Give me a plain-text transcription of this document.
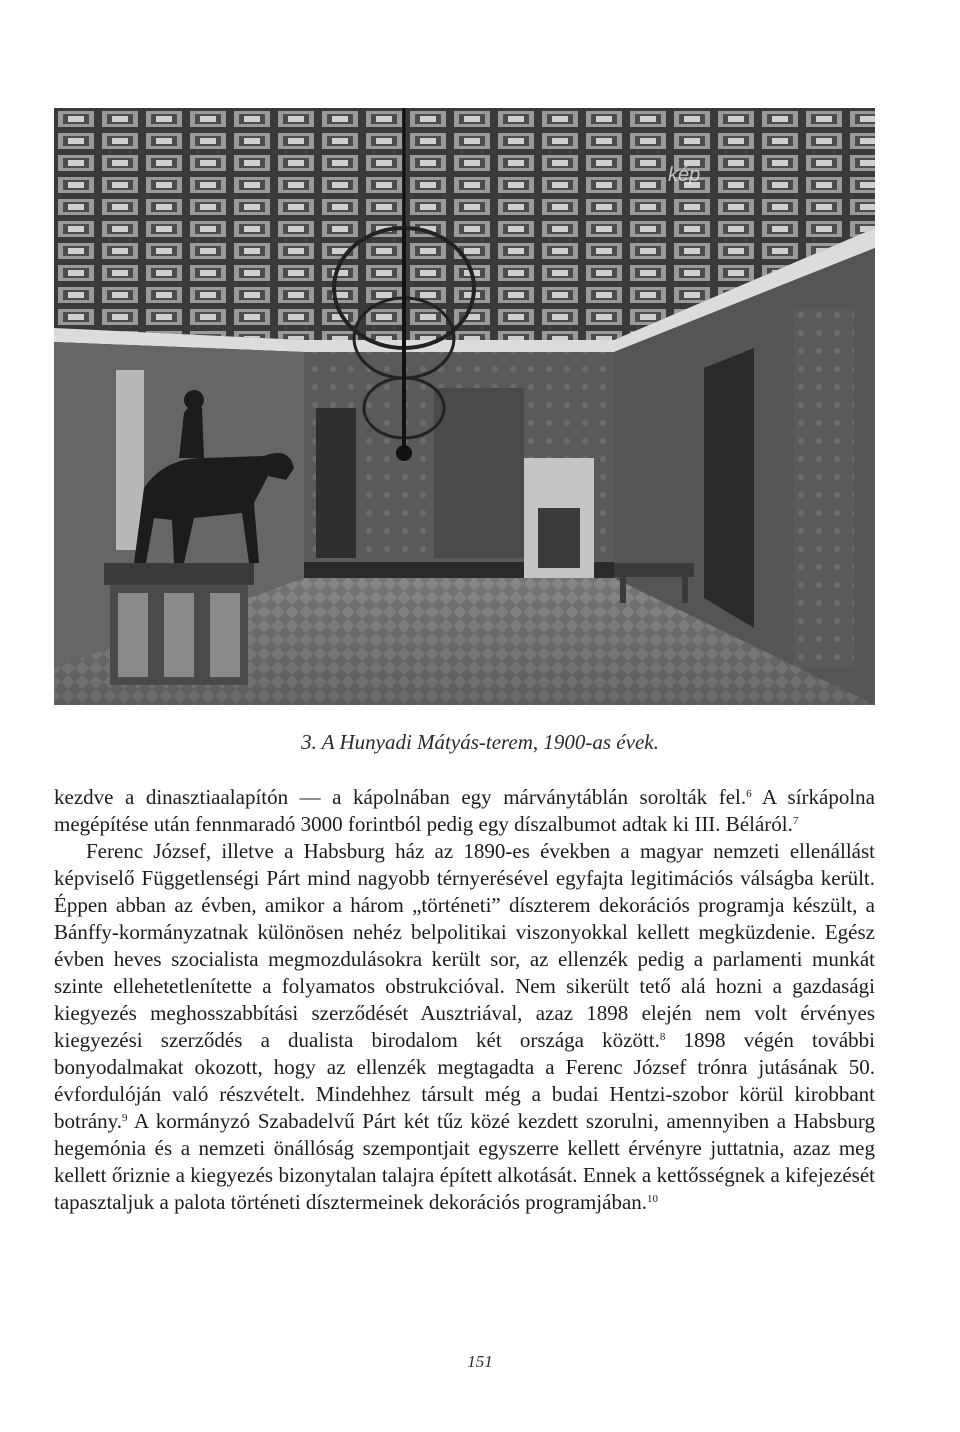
kép
3. A Hunyadi Mátyás-terem, 1900-as évek.

kezdve a dinasztiaalapítón — a kápolnában egy márványtáblán sorolták fel.$^6$ A sírkápolna megépítése után fennmaradó 3000 forintból pedig egy díszalbumot adtak ki III. Béláról.$^7$

Ferenc József, illetve a Habsburg ház az 1890-es években a magyar nemzeti ellenállást képviselő Függetlenségi Párt mind nagyobb térnyerésével egyfajta legitimációs válságba került. Éppen abban az évben, amikor a három „történeti” díszterem dekorációs programja készült, a Bánffy-kormányzatnak különösen nehéz belpolitikai viszonyokkal kellett megküzdenie. Egész évben heves szocialista megmozdulásokra került sor, az ellenzék pedig a parlamenti munkát szinte ellehetetlenítette a folyamatos obstrukcióval. Nem sikerült tető alá hozni a gazdasági kiegyezés meghosszabbítási szerződését Ausztriával, azaz 1898 elején nem volt érvényes kiegyezési szerződés a dualista birodalom két országa között.$^8$ 1898 végén további bonyodalmakat okozott, hogy az ellenzék megtagadta a Ferenc József trónra jutásának 50. évfordulóján való részvételt. Mindehhez társult még a budai Hentzi-szobor körül kirobbant botrány.$^9$ A kormányzó Szabadelvű Párt két tűz közé kezdett szorulni, amennyiben a Habsburg hegemónia és a nemzeti önállóság szempontjait egyszerre kellett érvényre juttatnia, azaz meg kellett őriznie a kiegyezés bizonytalan talajra épített alkotását. Ennek a kettősségnek a kifejezését tapasztaljuk a palota történeti dísztermeinek dekorációs programjában.$^{10}$

151
